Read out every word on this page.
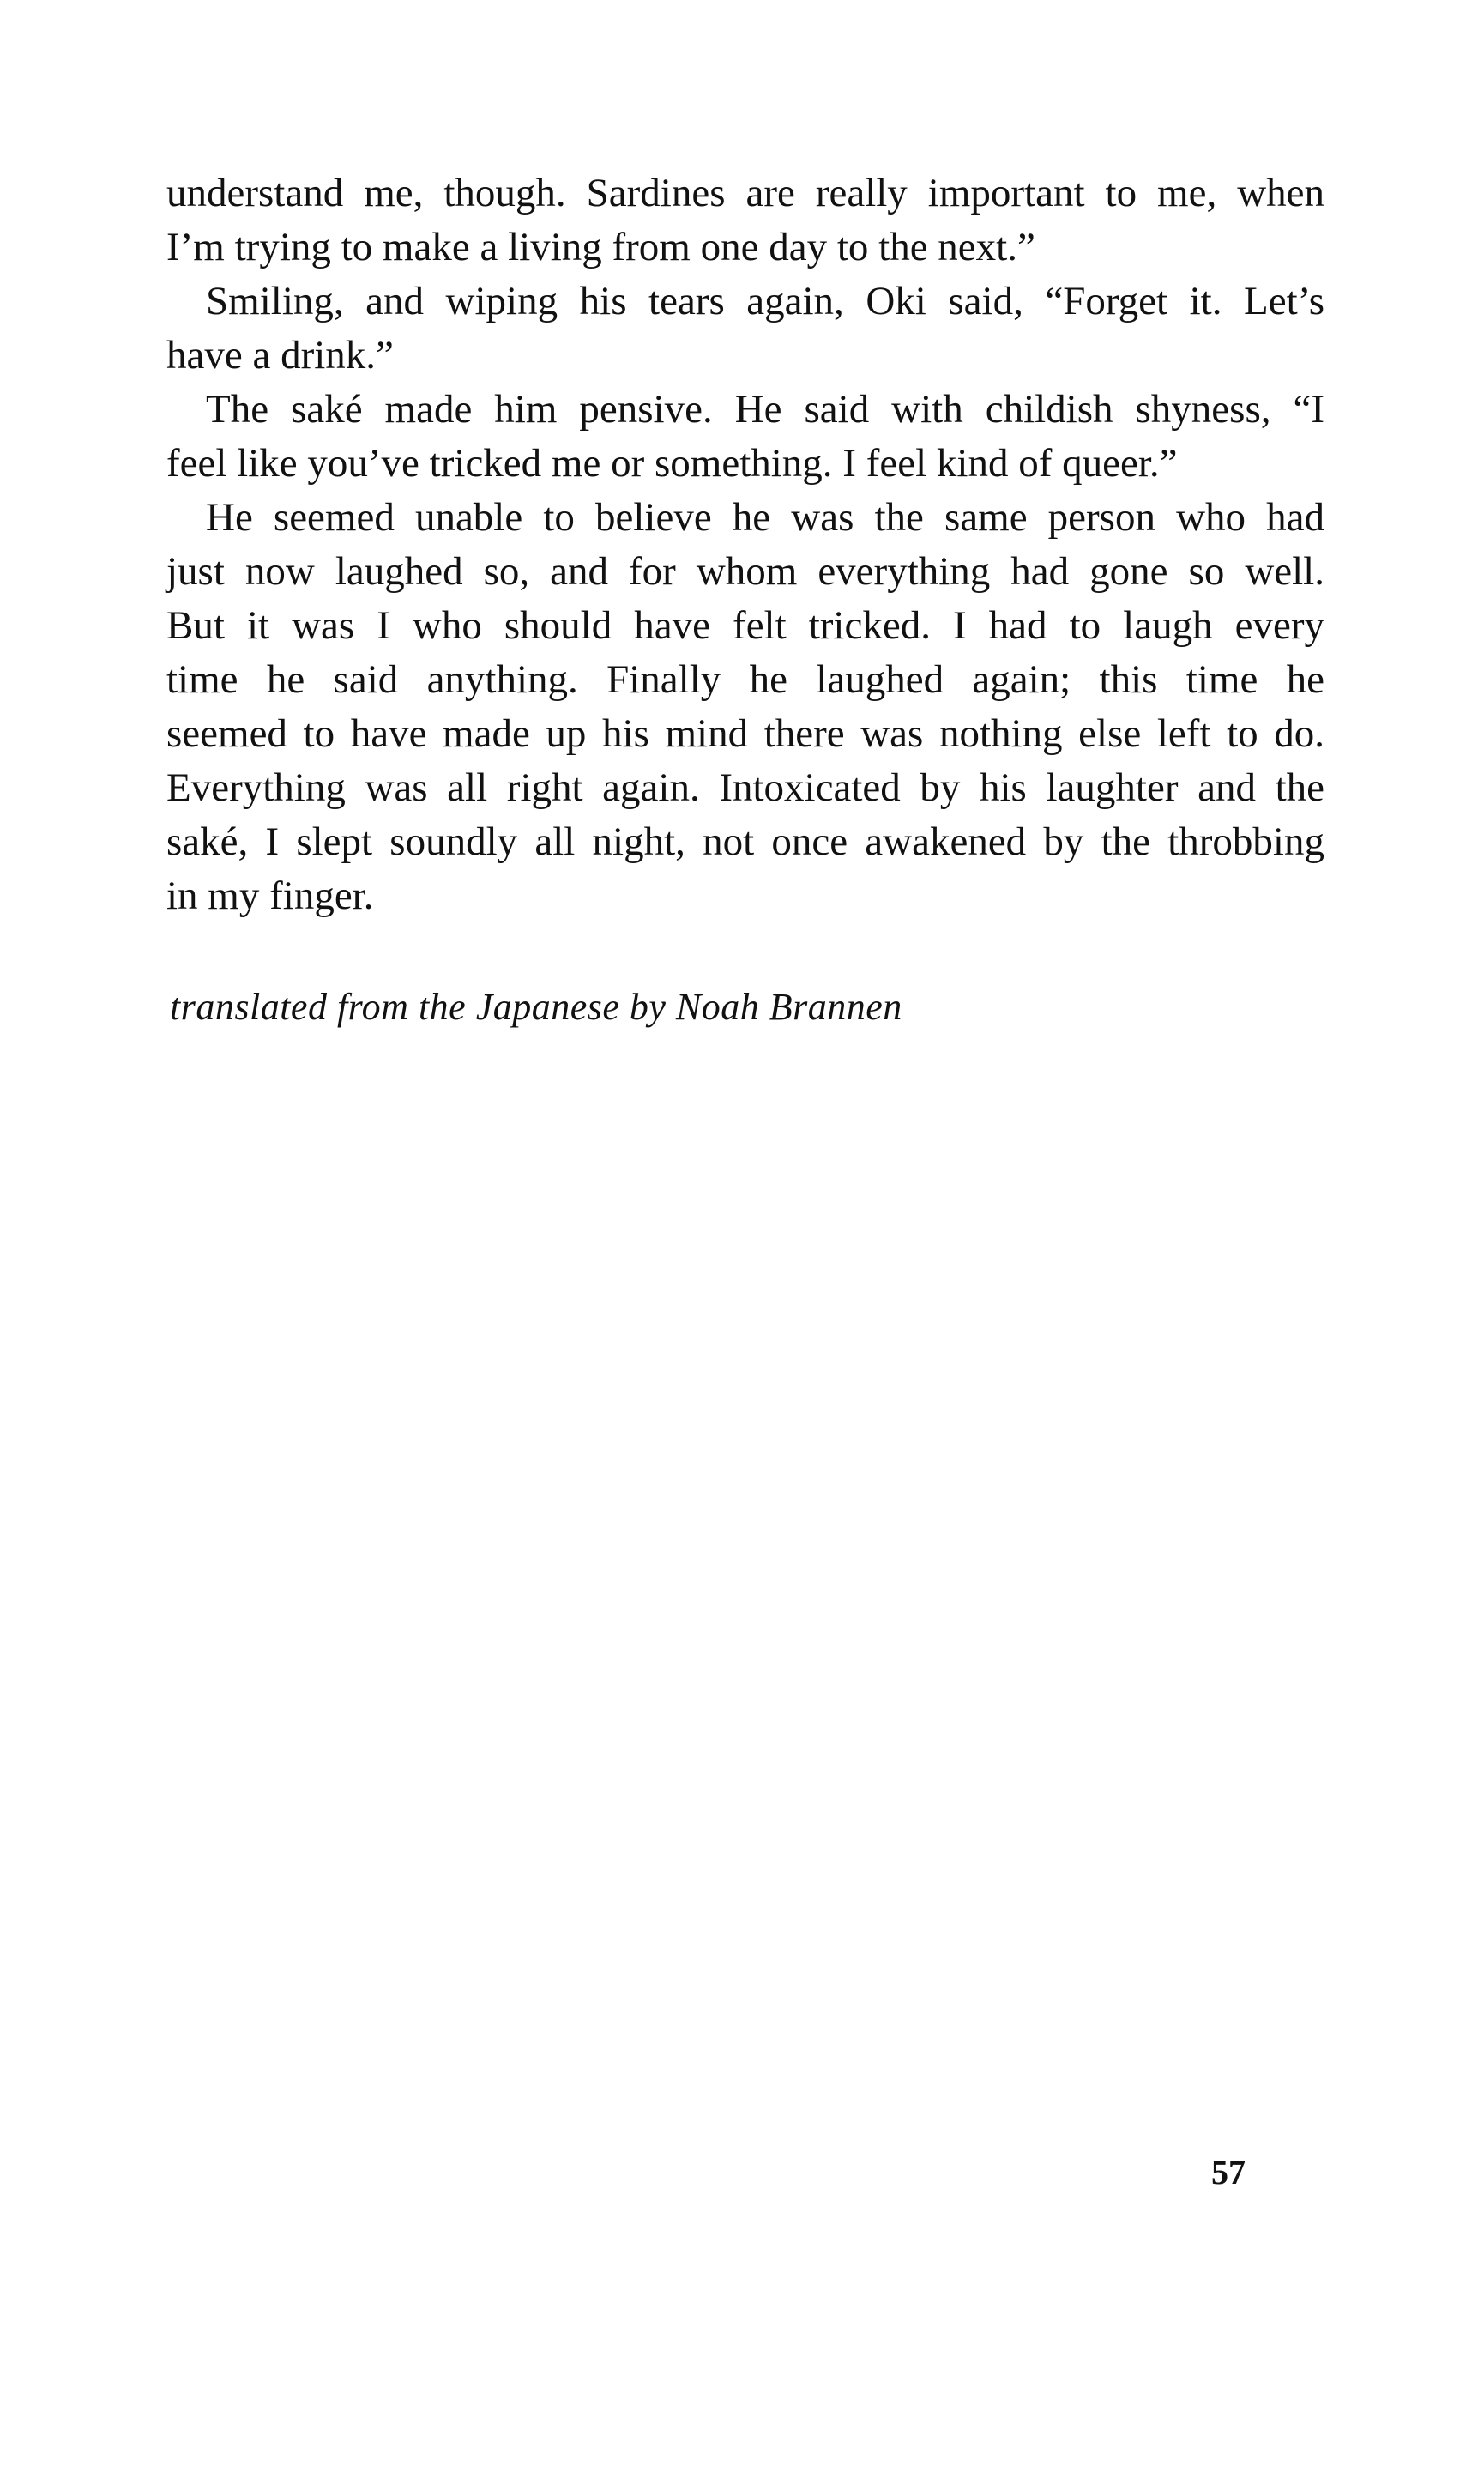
understand me, though. Sardines are really important to me, when
I’m trying to make a living from one day to the next.”
Smiling, and wiping his tears again, Oki said, “Forget it. Let’s
have a drink.”
The saké made him pensive. He said with childish shyness, “I
feel like you’ve tricked me or something. I feel kind of queer.”
He seemed unable to believe he was the same person who had
just now laughed so, and for whom everything had gone so well.
But it was I who should have felt tricked. I had to laugh every
time he said anything. Finally he laughed again; this time he
seemed to have made up his mind there was nothing else left to do.
Everything was all right again. Intoxicated by his laughter and the
saké, I slept soundly all night, not once awakened by the throbbing
in my finger.
translated from the Japanese by Noah Brannen
57
